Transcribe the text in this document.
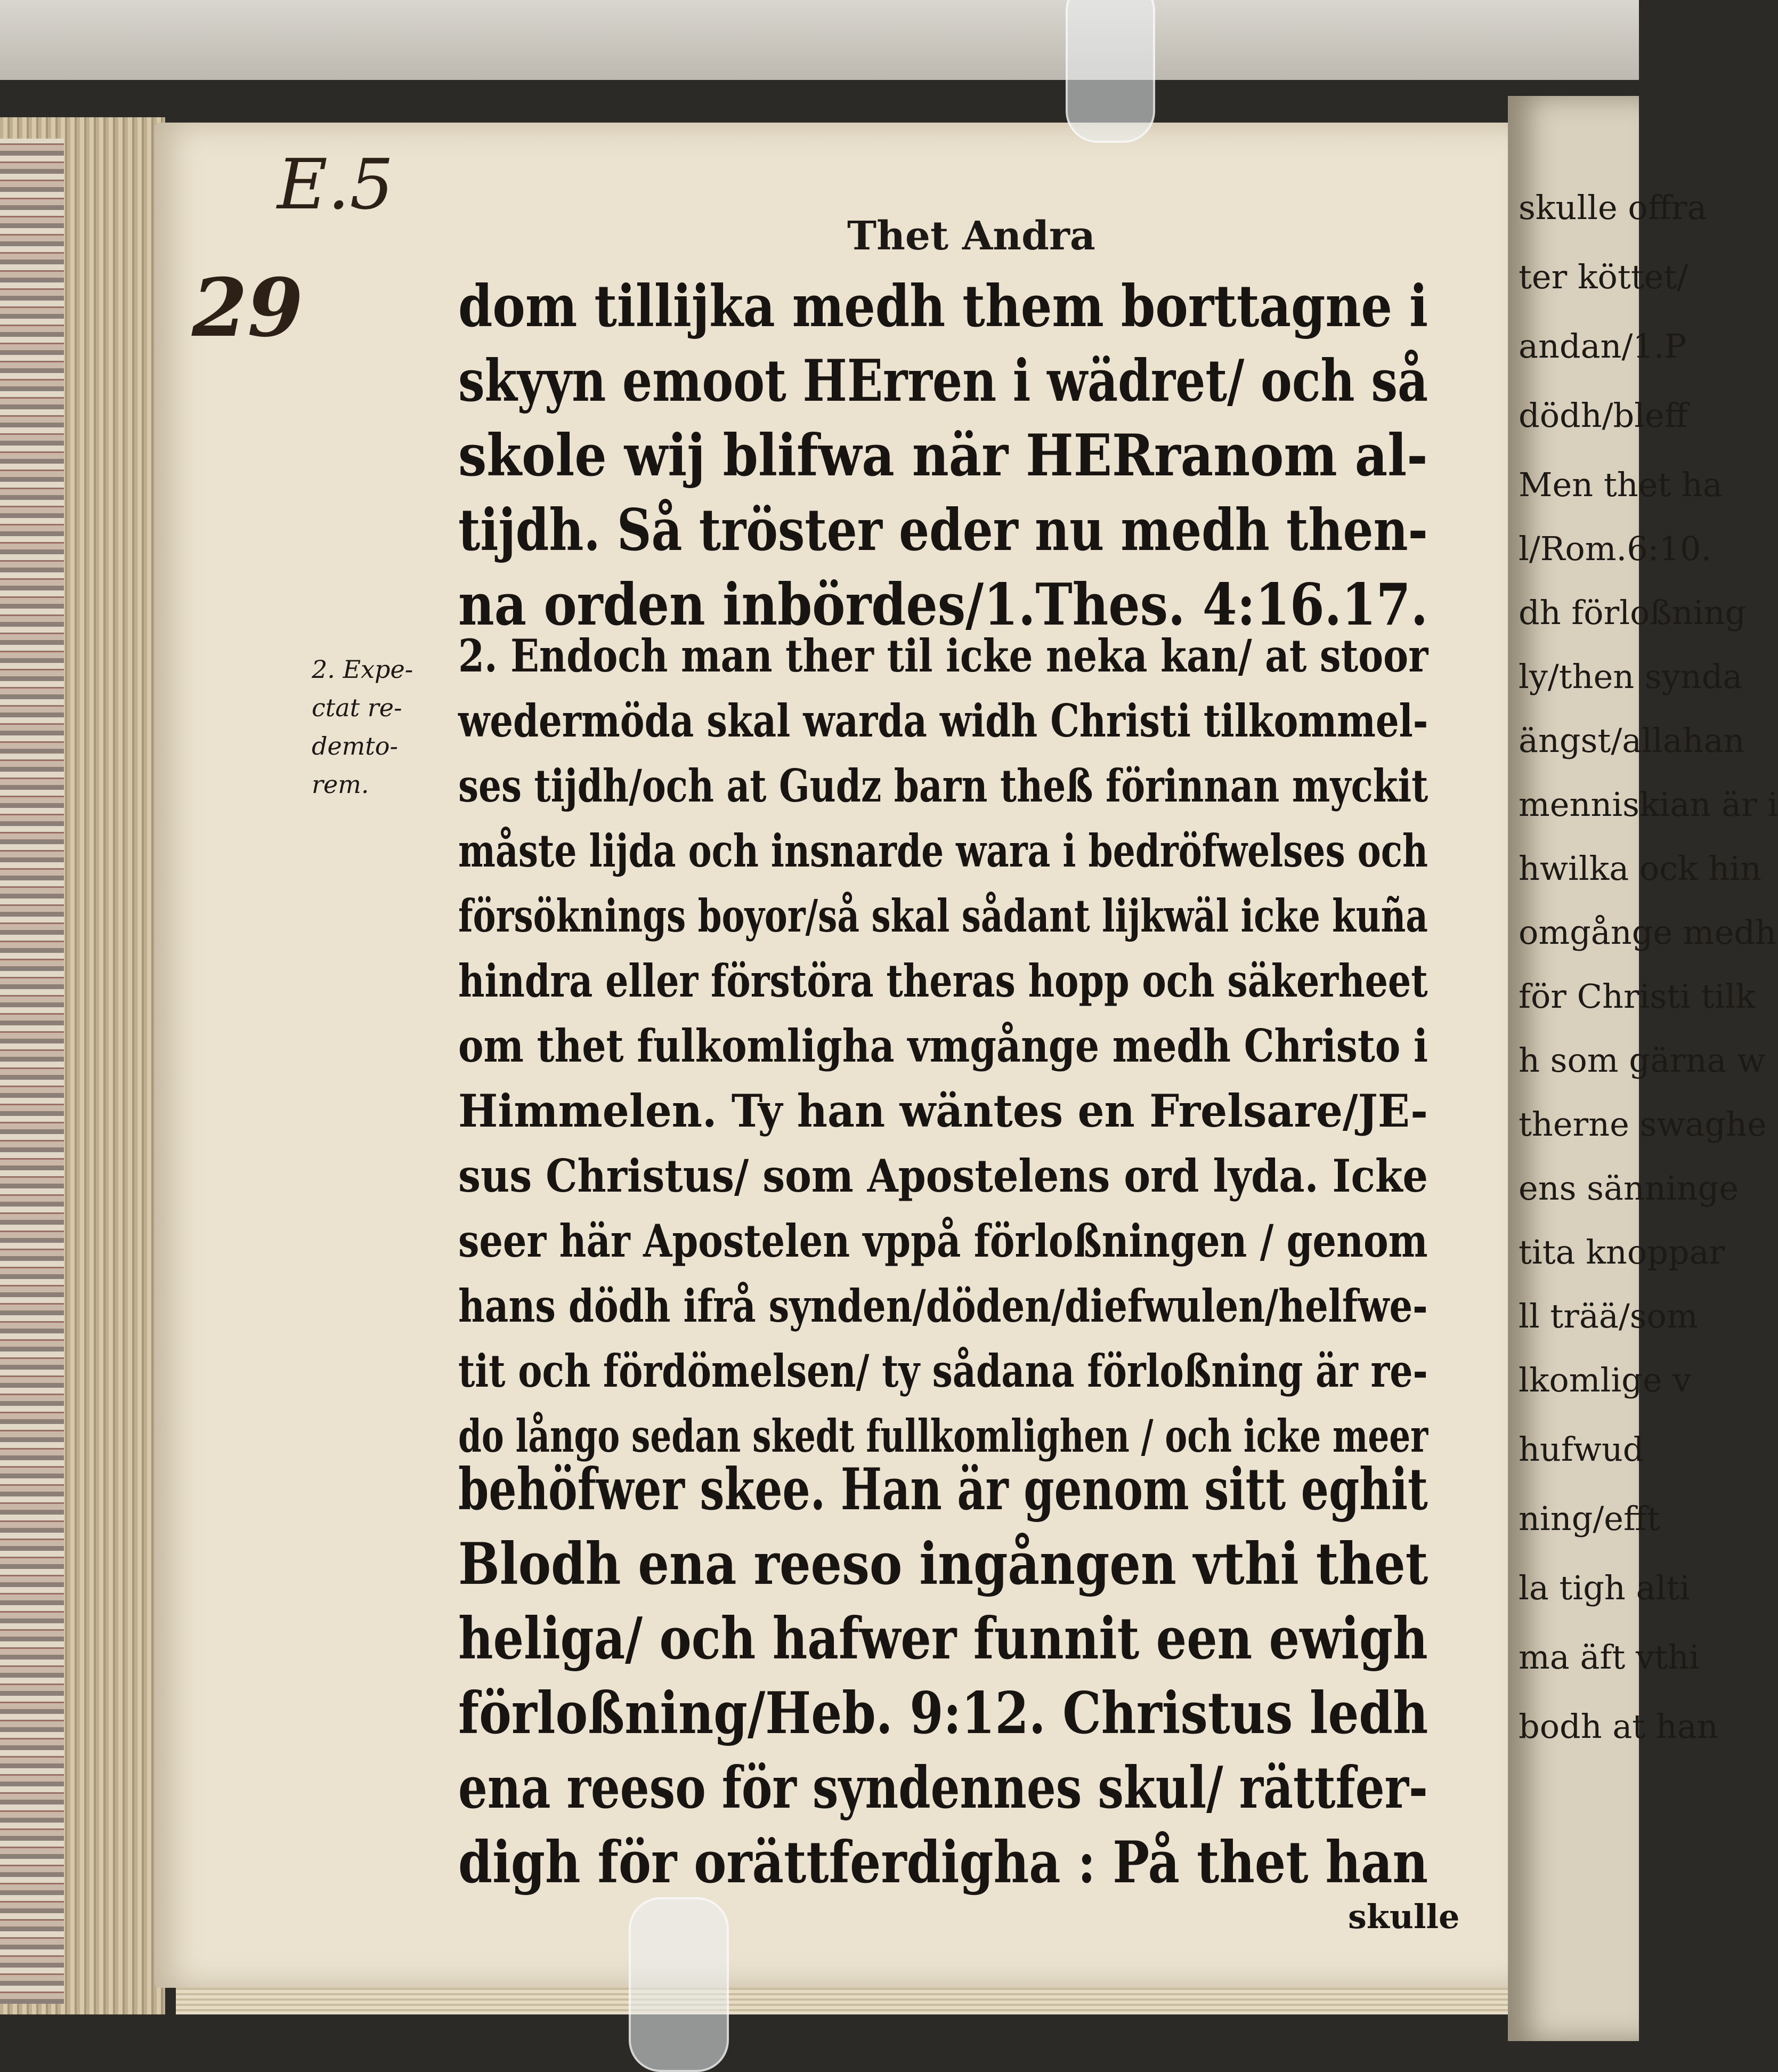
skulle offra
ter köttet/
andan/1.P
dödh/bleff
Men thet ha
l/Rom.6:10.
dh förloßning
ly/then synda
ängst/allahan
menniskian är i
hwilka ock hin
omgånge medh
för Christi tilk
h som gärna w
therne swaghe
ens sänninge
tita knoppar
ll trää/som
lkomlige v
hufwud
ning/efft
la tigh alti
ma äft vthi
bodh at han
E.5
29
Thet Andra
2. Expe-
ctat re-
demto-
rem.
dom tillijka medh them borttagne i
skyyn emoot HErren i wädret/ och så
skole wij blifwa när HERranom al-
tijdh. Så tröster eder nu medh then-
na orden inbördes/1.Thes. 4:16.17.
2. Endoch man ther til icke neka kan/ at stoor
wedermöda skal warda widh Christi tilkommel-
ses tijdh/och at Gudz barn theß förinnan myckit
måste lijda och insnarde wara i bedröfwelses och
försöknings boyor/så skal sådant lijkwäl icke kuña
hindra eller förstöra theras hopp och säkerheet
om thet fulkomligha vmgånge medh Christo i
Himmelen. Ty han wäntes en Frelsare/JE-
sus Christus/ som Apostelens ord lyda. Icke
seer här Apostelen vppå förloßningen / genom
hans dödh ifrå synden/döden/diefwulen/helfwe-
tit och fördömelsen/ ty sådana förloßning är re-
do långo sedan skedt fullkomlighen / och icke meer
behöfwer skee. Han är genom sitt eghit
Blodh ena reeso ingången vthi thet
heliga/ och hafwer funnit een ewigh
förloßning/Heb. 9:12. Christus ledh
ena reeso för syndennes skul/ rättfer-
digh för orättferdigha : På thet han
skulle
